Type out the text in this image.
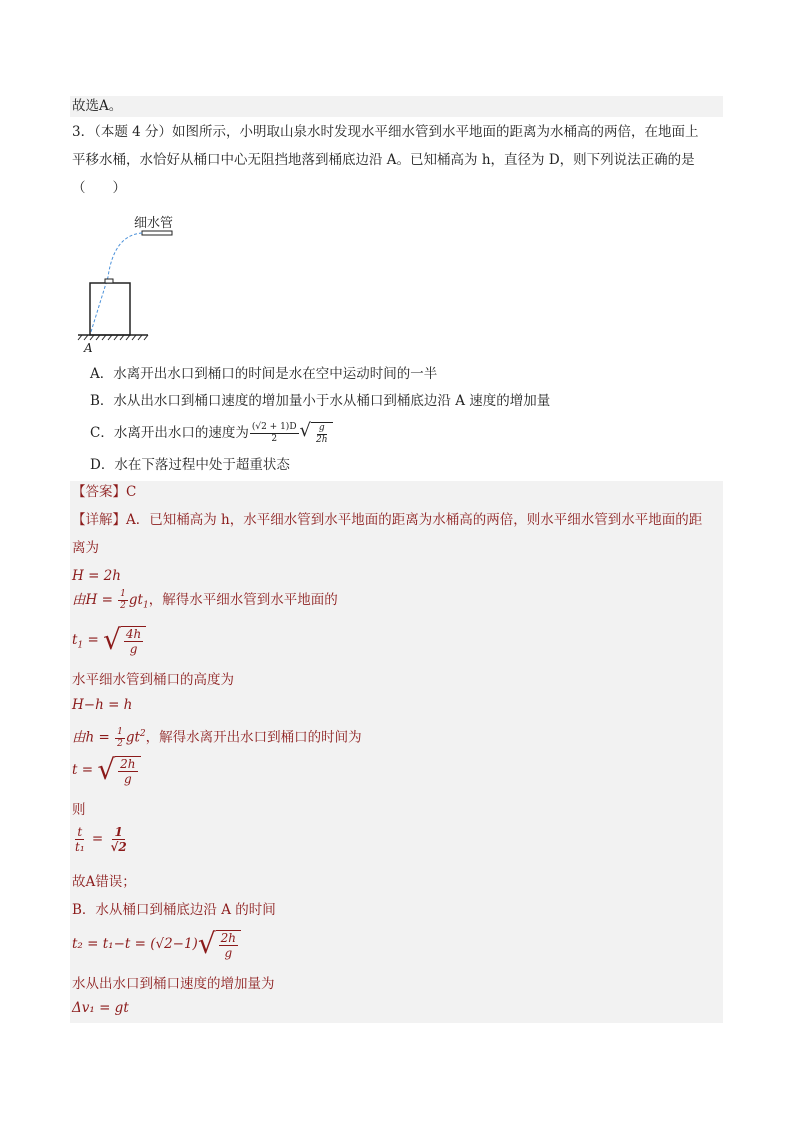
故选A。
3．（本题 4 分）如图所示，小明取山泉水时发现水平细水管到水平地面的距离为水桶高的两倍，在地面上
平移水桶，水恰好从桶口中心无阻挡地落到桶底边沿 A。已知桶高为 h，直径为 D，则下列说法正确的是
（　　）
细水管
A
A．水离开出水口到桶口的时间是水在空中运动时间的一半
B．水从出水口到桶口速度的增加量小于水从桶口到桶底边沿 A 速度的增加量
C．水离开出水口的速度为 $\frac{(√2 + 1)D}{2}$ √ $\frac{g}{2h}$
D．水在下落过程中处于超重状态
【答案】C
【详解】A．已知桶高为 h，水平细水管到水平地面的距离为水桶高的两倍，则水平细水管到水平地面的距
离为
H = 2h
由$H = \frac{1}{2} gt_1$，解得水平细水管到水平地面的
$t_1$ = √ $\frac{4h}{g}$
水平细水管到桶口的高度为
H−h = h
由$h = \frac{1}{2} gt^2$，解得水离开出水口到桶口的时间为
t = √ $\frac{2h}{g}$
则
$\frac{t}{\text{t₁}} = \frac{1}{√2}$
故A错误；
B．水从桶口到桶底边沿 A 的时间
t₂ = t₁−t = (√2−1) √ $\frac{2h}{g}$
水从出水口到桶口速度的增加量为
Δv₁ = gt
